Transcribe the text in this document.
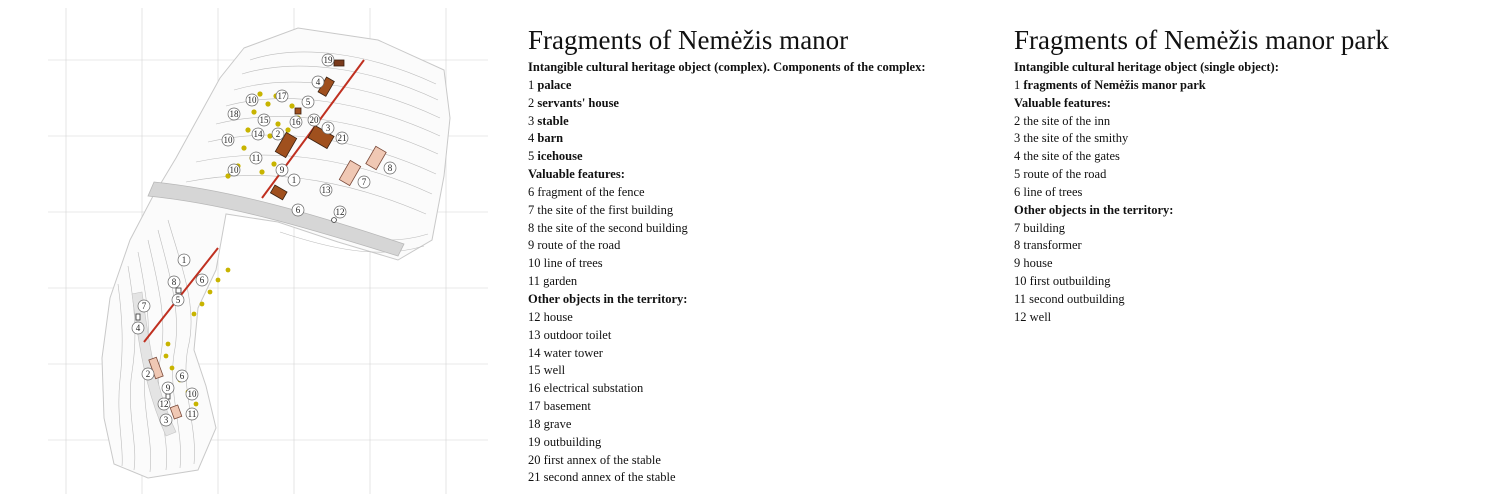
1
2
3
4
5
6
7
8
9
10
10
10
11
12
13
14
15	16
17
18
19
20
21
1
2
3
4
5
6
6
7
8
9
10
11
12
Fragments of Nemėžis manor
Intangible cultural heritage object (complex). Components of the complex:
1 palace
2 servants' house
3 stable
4 barn
5 icehouse
Valuable features:
6 fragment of the fence
7 the site of the first building
8 the site of the second building
9 route of the road
10 line of trees
11 garden
Other objects in the territory:
12 house
13 outdoor toilet
14 water tower
15 well
16 electrical substation
17 basement
18 grave
19 outbuilding
20 first annex of the stable
21 second annex of the stable
Fragments of Nemėžis manor park
Intangible cultural heritage object (single object):
1 fragments of Nemėžis manor park
Valuable features:
2 the site of the inn
3 the site of the smithy
4 the site of the gates
5 route of the road
6 line of trees
Other objects in the territory:
7 building
8 transformer
9 house
10 first outbuilding
11 second outbuilding
12 well
